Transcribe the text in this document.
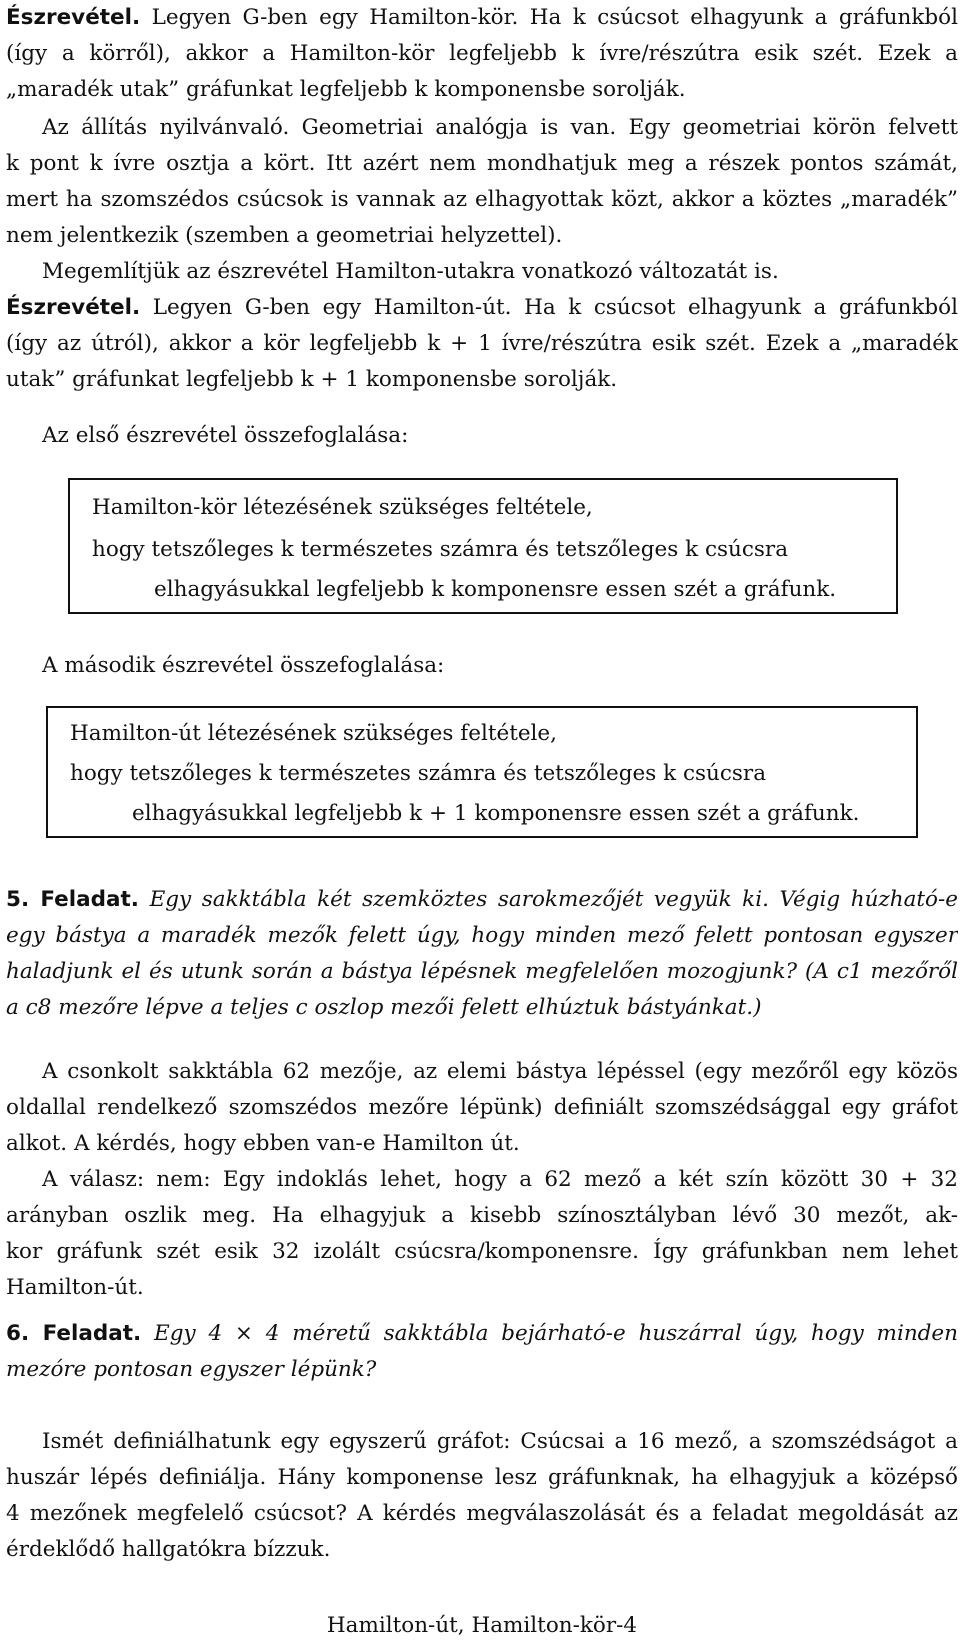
Észrevétel. Legyen G-ben egy Hamilton-kör. Ha k csúcsot elhagyunk a gráfunkból
(így a körről), akkor a Hamilton-kör legfeljebb k ívre/részútra esik szét. Ezek a
„maradék utak” gráfunkat legfeljebb k komponensbe sorolják.
Az állítás nyilvánvaló. Geometriai analógja is van. Egy geometriai körön felvett
k pont k ívre osztja a kört. Itt azért nem mondhatjuk meg a részek pontos számát,
mert ha szomszédos csúcsok is vannak az elhagyottak közt, akkor a köztes „maradék”
nem jelentkezik (szemben a geometriai helyzettel).
Megemlítjük az észrevétel Hamilton-utakra vonatkozó változatát is.
Észrevétel. Legyen G-ben egy Hamilton-út. Ha k csúcsot elhagyunk a gráfunkból
(így az útról), akkor a kör legfeljebb k + 1 ívre/részútra esik szét. Ezek a „maradék
utak” gráfunkat legfeljebb k + 1 komponensbe sorolják.
Az első észrevétel összefoglalása:
Hamilton-kör létezésének szükséges feltétele,
hogy tetszőleges k természetes számra és tetszőleges k csúcsra
elhagyásukkal legfeljebb k komponensre essen szét a gráfunk.
A második észrevétel összefoglalása:
Hamilton-út létezésének szükséges feltétele,
hogy tetszőleges k természetes számra és tetszőleges k csúcsra
elhagyásukkal legfeljebb k + 1 komponensre essen szét a gráfunk.
5. Feladat. Egy sakktábla két szemköztes sarokmezőjét vegyük ki. Végig húzható-e
egy bástya a maradék mezők felett úgy, hogy minden mező felett pontosan egyszer
haladjunk el és utunk során a bástya lépésnek megfelelően mozogjunk? (A c1 mezőről
a c8 mezőre lépve a teljes c oszlop mezői felett elhúztuk bástyánkat.)
A csonkolt sakktábla 62 mezője, az elemi bástya lépéssel (egy mezőről egy közös
oldallal rendelkező szomszédos mezőre lépünk) definiált szomszédsággal egy gráfot
alkot. A kérdés, hogy ebben van-e Hamilton út.
A válasz: nem: Egy indoklás lehet, hogy a 62 mező a két szín között 30 + 32
arányban oszlik meg. Ha elhagyjuk a kisebb színosztályban lévő 30 mezőt, ak-
kor gráfunk szét esik 32 izolált csúcsra/komponensre. Így gráfunkban nem lehet
Hamilton-út.
6. Feladat. Egy 4 × 4 méretű sakktábla bejárható-e huszárral úgy, hogy minden
mezóre pontosan egyszer lépünk?
Ismét definiálhatunk egy egyszerű gráfot: Csúcsai a 16 mező, a szomszédságot a
huszár lépés definiálja. Hány komponense lesz gráfunknak, ha elhagyjuk a középső
4 mezőnek megfelelő csúcsot? A kérdés megválaszolását és a feladat megoldását az
érdeklődő hallgatókra bízzuk.
Hamilton-út, Hamilton-kör-4
